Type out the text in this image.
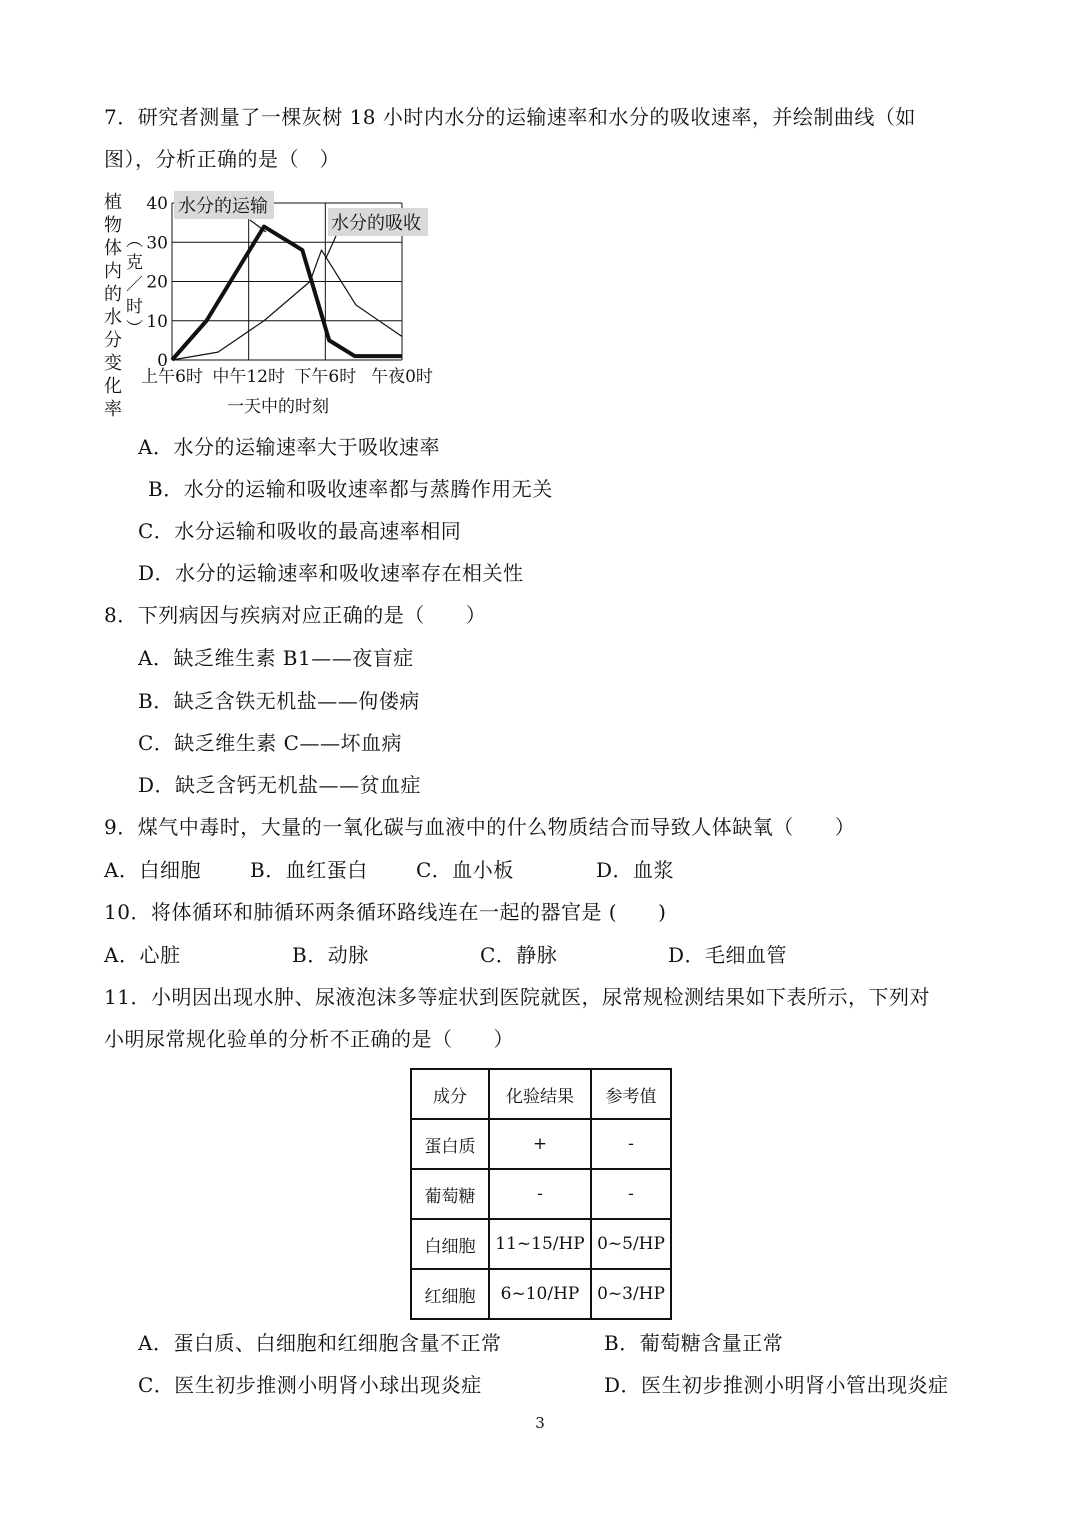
7．研究者测量了一棵灰树 18 小时内水分的运输速率和水分的吸收速率，并绘制曲线（如
图），分析正确的是（　）
植
物
体
内
的
水
分
变
化
率
︵
克
／
时
︶
0
10
20
30
40
上午6时 中午12时 下午6时 午夜0时
水分的运输
水分的吸收
一天中的时刻
A．水分的运输速率大于吸收速率
B．水分的运输和吸收速率都与蒸腾作用无关
C．水分运输和吸收的最高速率相同
D．水分的运输速率和吸收速率存在相关性
8．下列病因与疾病对应正确的是（　　）
A．缺乏维生素 B1——夜盲症
B．缺乏含铁无机盐——佝偻病
C．缺乏维生素 C——坏血病
D．缺乏含钙无机盐——贫血症
9．煤气中毒时，大量的一氧化碳与血液中的什么物质结合而导致人体缺氧（　　）
A．白细胞 B．血红蛋白 C．血小板	D．血浆
10．将体循环和肺循环两条循环路线连在一起的器官是 (　　)
A．心脏	B．动脉	C．静脉	D．毛细血管
11．小明因出现水肿、尿液泡沫多等症状到医院就医，尿常规检测结果如下表所示，下列对
小明尿常规化验单的分析不正确的是（　　）
成分	化验结果	参考值
蛋白质	+	-
葡萄糖	-	-
白细胞	11~15/HP	0~5/HP
红细胞	6~10/HP	0~3/HP
A．蛋白质、白细胞和红细胞含量不正常	B．葡萄糖含量正常
C．医生初步推测小明肾小球出现炎症	D．医生初步推测小明肾小管出现炎症
3
